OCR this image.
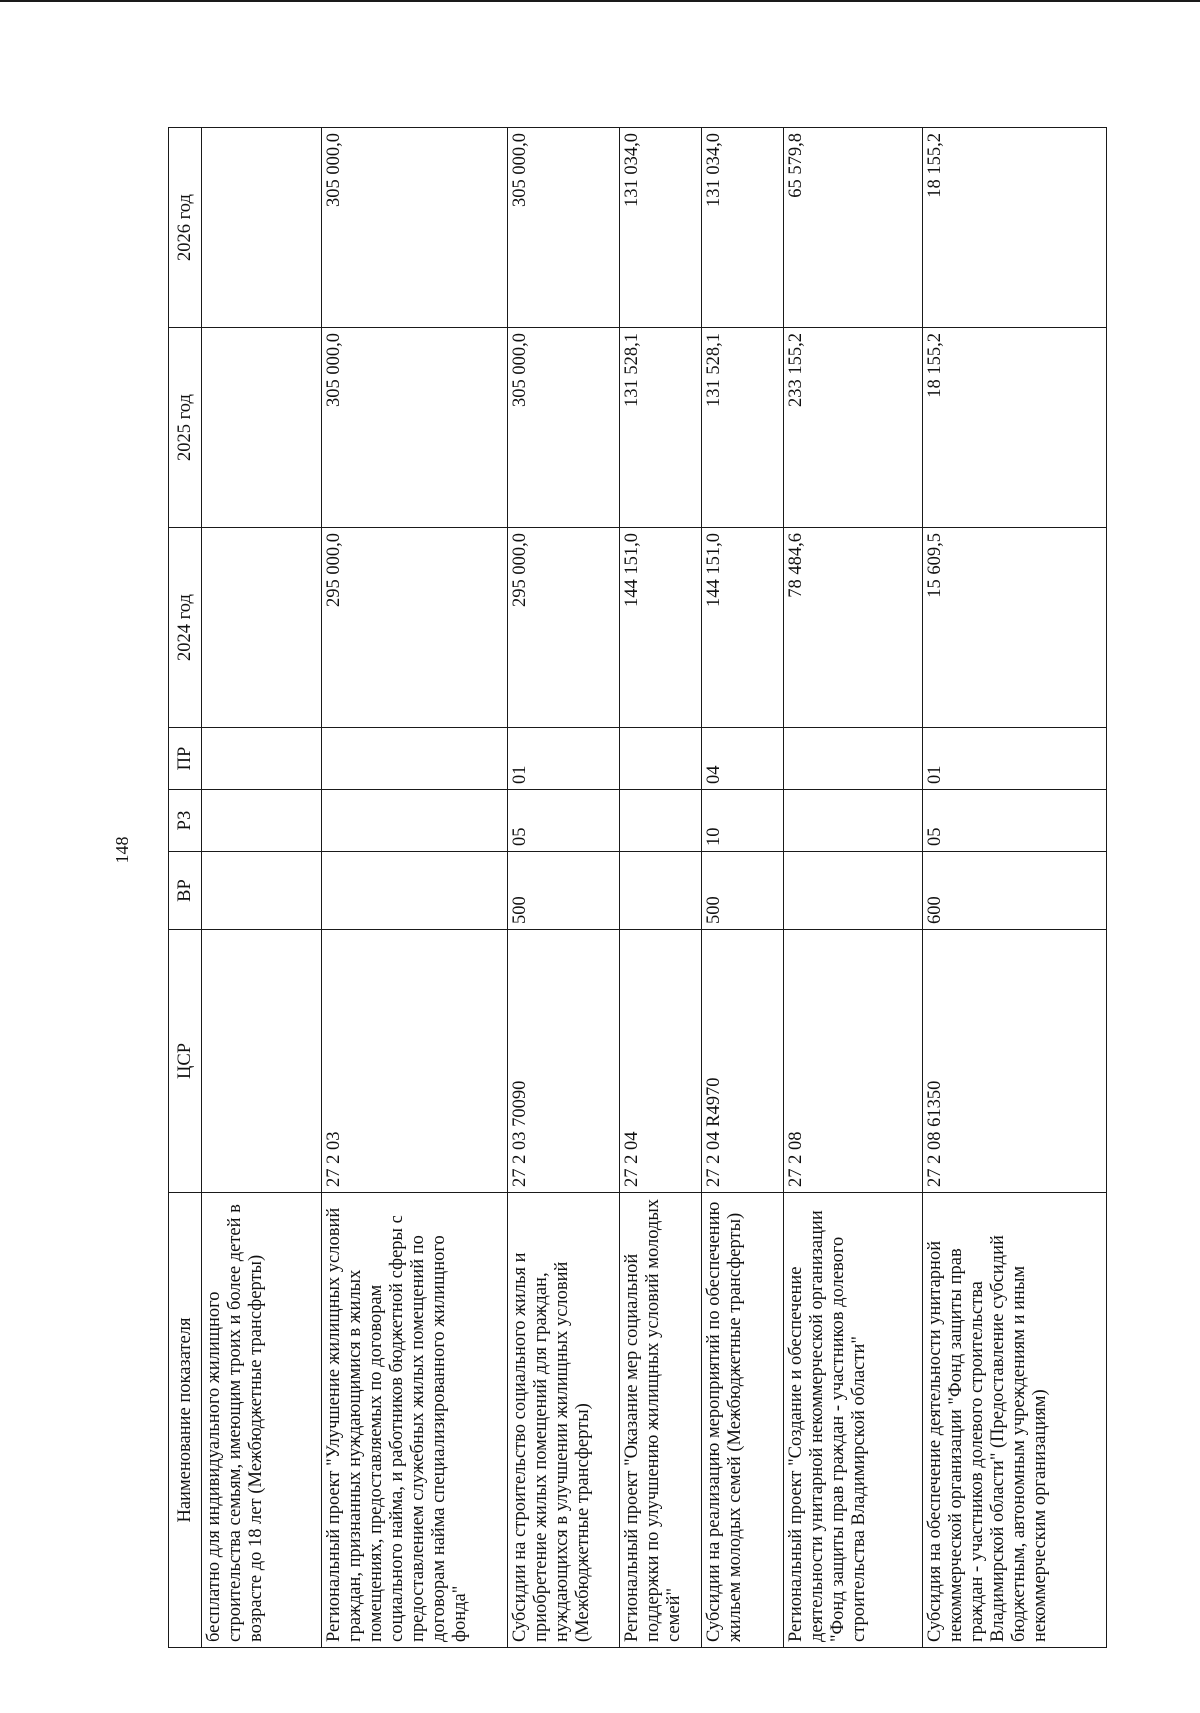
148
Наименование показателя	ЦСР	ВР	РЗ	ПР	2024 год	2025 год	2026 год
бесплатно для индивидуального жилищного строительства семьям, имеющим троих и более детей в возрасте до 18 лет (Межбюджетные трансферты)							
Региональный проект "Улучшение жилищных условий граждан, признанных нуждающимися в жилых помещениях, предоставляемых по договорам социального найма, и работников бюджетной сферы с предоставлением служебных жилых помещений по договорам найма специализированного жилищного фонда"	27 2 03				295 000,0	305 000,0	305 000,0
Субсидии на строительство социального жилья и приобретение жилых помещений для граждан, нуждающихся в улучшении жилищных условий (Межбюджетные трансферты)	27 2 03 70090	500	05	01	295 000,0	305 000,0	305 000,0
Региональный проект "Оказание мер социальной поддержки по улучшению жилищных условий молодых семей"	27 2 04				144 151,0	131 528,1	131 034,0
Субсидии на реализацию мероприятий по обеспечению жильем молодых семей (Межбюджетные трансферты)	27 2 04 R4970	500	10	04	144 151,0	131 528,1	131 034,0
Региональный проект "Создание и обеспечение деятельности унитарной некоммерческой организации "Фонд защиты прав граждан - участников долевого строительства Владимирской области"	27 2 08				78 484,6	233 155,2	65 579,8
Субсидия на обеспечение деятельности унитарной некоммерческой организации "Фонд защиты прав граждан - участников долевого строительства Владимирской области" (Предоставление субсидий бюджетным, автономным учреждениям и иным некоммерческим организациям)	27 2 08 61350	600	05	01	15 609,5	18 155,2	18 155,2
